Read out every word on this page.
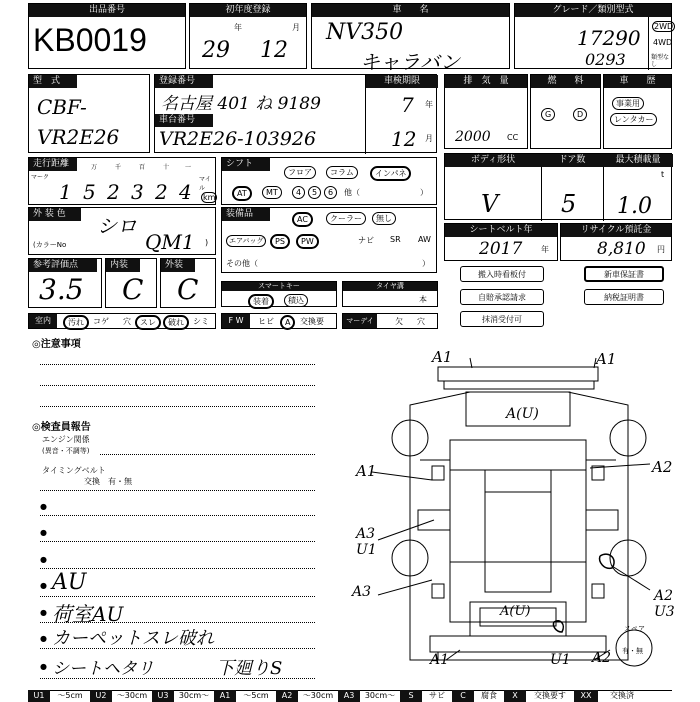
出品番号
KB0019
初年度登録
29
年
12
月
車　　名
NV350
キャラバン
グレード／類別型式
17290
0293
2WD
4WD
類型なし
型　式
CBF-
VR2E26
登録番号
名古屋 401 ね 9189
車台番号
VR2E26-103926
車検期限
7 年
12 月
排　気　量
2000 CC
燃　　料
G	D
車　　歴
事業用
レンタカー
走行距離
マーク
万	千	百	十	一
1 5 2 3 2 4
マイル
km
シフト
フロア	コラム	インパネ
AT	MT	4	5	6	他（	）
ボディ形状	ドア数	最大積載量
V	5
t
1.0
外 装 色	シロ
(カラーNo	QM1 )
装備品
AC	クーラー	無し
エアバッグ	PS	PW	ナビ SR AW
その他（	）
シートベルト年
2017 年
リサイクル預託金
8,810 円
参考評価点
3.5
内装
C
外装
C	スマートキー
装着	積込
タイヤ溝
本
搬入時看板付	新車保証書
自賠承認請求	納税証明書
抹消受付可
室内	汚れ	コゲ 穴	スレ	破れ	シミ	F W	ヒビ	A	交換要	マーデイ	欠 穴
◎注意事項
◎検査員報告
エンジン関係
(異音・不調等)
タイミングベルト
交換　有・無
●
●
●
● AU
● 荷室AU
● カーペットスレ破れ
● シートヘタリ	下廻りS
A1	A1
A(U)
A1	A2
A3
U1
A3	A2
U3
A(U)
A1	U1 A2
スペア
有・無
U1	～5cm	U2	～30cm	U3	30cm～	A1	～5cm	A2	～30cm	A3	30cm～	S	サビ	C	腐食	X	交換要す	XX	交換済
